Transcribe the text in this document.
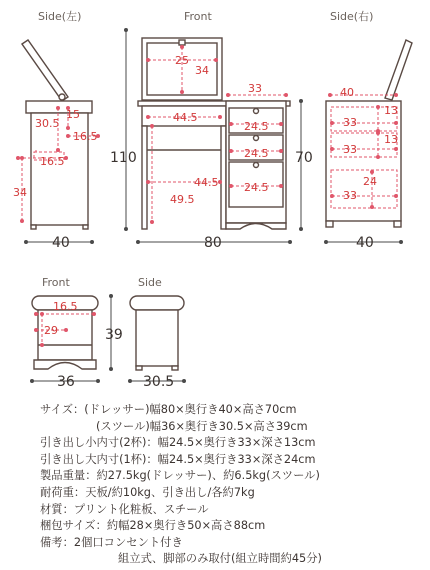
Side(左)	Front	Side(右)
15
30.5
16.5
16.5
34
40
25
34
33
44.5
24.5
24.5
44.5 24.5
49.5
110	70
80
40
13
33
13
33
24
33
40
Front	Side
16.5
29	39
36	30.5
サイズ：(ドレッサー)幅80×奥行き40×高さ70cm
(スツール)幅36×奥行き30.5×高さ39cm
引き出し小内寸(2杯)：幅24.5×奥行き33×深さ13cm
引き出し大内寸(1杯)：幅24.5×奥行き33×深さ24cm
製品重量：約27.5kg(ドレッサー)、約6.5kg(スツール)
耐荷重：天板/約10kg、引き出し/各約7kg
材質：プリント化粧板、スチール
梱包サイズ：約幅28×奥行き50×高さ88cm
備考：2個口コンセント付き
組立式、脚部のみ取付(組立時間約45分)
